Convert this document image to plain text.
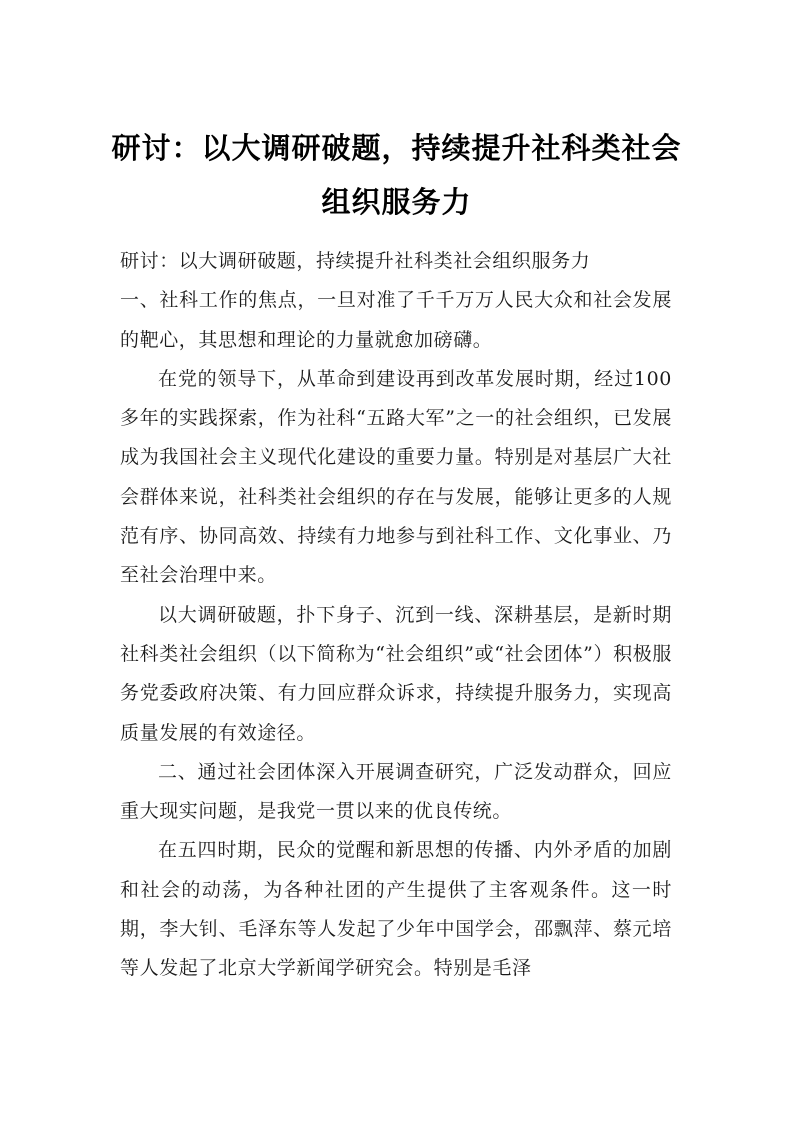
研讨：以大调研破题，持续提升社科类社会
组织服务力

研讨：以大调研破题，持续提升社科类社会组织服务力

一、社科工作的焦点，一旦对准了千千万万人民大众和社会发展的靶心，其思想和理论的力量就愈加磅礴。

在党的领导下，从革命到建设再到改革发展时期，经过100多年的实践探索，作为社科“五路大军”之一的社会组织，已发展成为我国社会主义现代化建设的重要力量。特别是对基层广大社会群体来说，社科类社会组织的存在与发展，能够让更多的人规范有序、协同高效、持续有力地参与到社科工作、文化事业、乃至社会治理中来。

以大调研破题，扑下身子、沉到一线、深耕基层，是新时期社科类社会组织（以下简称为“社会组织”或“社会团体”）积极服务党委政府决策、有力回应群众诉求，持续提升服务力，实现高质量发展的有效途径。

二、通过社会团体深入开展调查研究，广泛发动群众，回应重大现实问题，是我党一贯以来的优良传统。

在五四时期，民众的觉醒和新思想的传播、内外矛盾的加剧和社会的动荡，为各种社团的产生提供了主客观条件。这一时期，李大钊、毛泽东等人发起了少年中国学会，邵飘萍、蔡元培等人发起了北京大学新闻学研究会。特别是毛泽
